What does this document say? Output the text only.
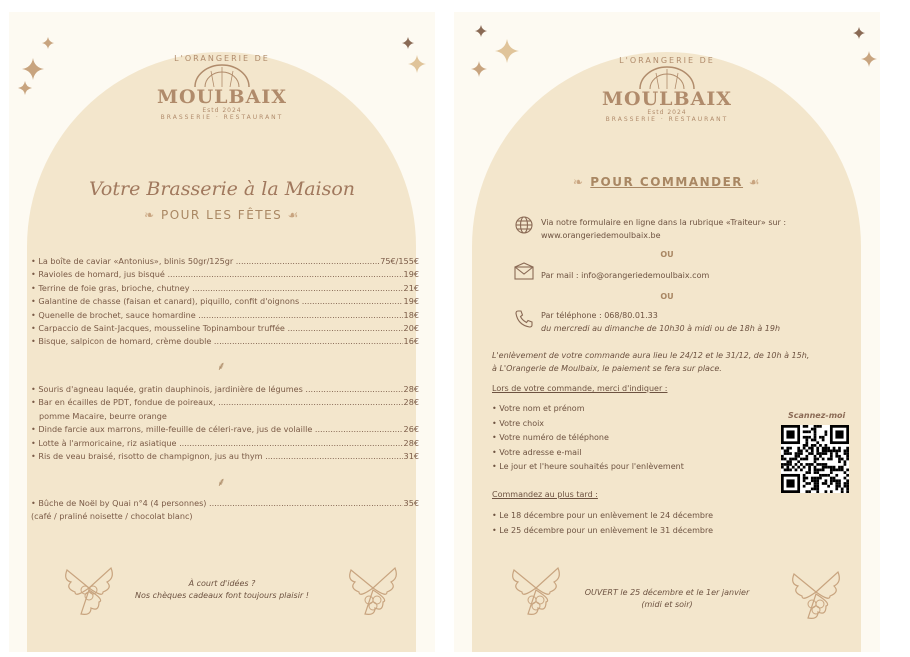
L'ORANGERIE DE
MOULBAIX
Estd 2024
BRASSERIE · RESTAURANT
Votre Brasserie à la Maison
❧ POUR LES FÊTES ☙
• La boîte de caviar «Antonius», blinis 50gr/125gr .....	75€/155€
• Ravioles de homard, jus bisqué .....	19€
• Terrine de foie gras, brioche, chutney .....	21€
• Galantine de chasse (faisan et canard), piquillo, confit d'oignons .....	19€
• Quenelle de brochet, sauce homardine .....	18€
• Carpaccio de Saint-Jacques, mousseline Topinambour truffée .....	20€
• Bisque, salpicon de homard, crème double .....	16€
⸙
• Souris d'agneau laquée, gratin dauphinois, jardinière de légumes .....	28€
• Bar en écailles de PDT, fondue de poireaux, .....	28€
pomme Macaire, beurre orange
• Dinde farcie aux marrons, mille-feuille de céleri-rave, jus de volaille .....	26€
• Lotte à l'armoricaine, riz asiatique .....	28€
• Ris de veau braisé, risotto de champignon, jus au thym .....	31€
⸙
• Bûche de Noël by Quai n°4 (4 personnes) .....	35€
(café / praliné noisette / chocolat blanc)
À court d'idées ?
Nos chèques cadeaux font toujours plaisir !
L'ORANGERIE DE
MOULBAIX
Estd 2024
BRASSERIE · RESTAURANT
❧ POUR COMMANDER ☙
Via notre formulaire en ligne dans la rubrique «Traiteur» sur :
www.orangeriedemoulbaix.be
OU
Par mail : info@orangeriedemoulbaix.com
OU
Par téléphone : 068/80.01.33
du mercredi au dimanche de 10h30 à midi ou de 18h à 19h
L'enlèvement de votre commande aura lieu le 24/12 et le 31/12, de 10h à 15h,
à L'Orangerie de Moulbaix, le paiement se fera sur place.
Lors de votre commande, merci d'indiquer :
• Votre nom et prénom
• Votre choix
• Votre numéro de téléphone
• Votre adresse e-mail
• Le jour et l'heure souhaités pour l'enlèvement
Scannez-moi
Commandez au plus tard :
• Le 18 décembre pour un enlèvement le 24 décembre
• Le 25 décembre pour un enlèvement le 31 décembre
OUVERT le 25 décembre et le 1er janvier
(midi et soir)
